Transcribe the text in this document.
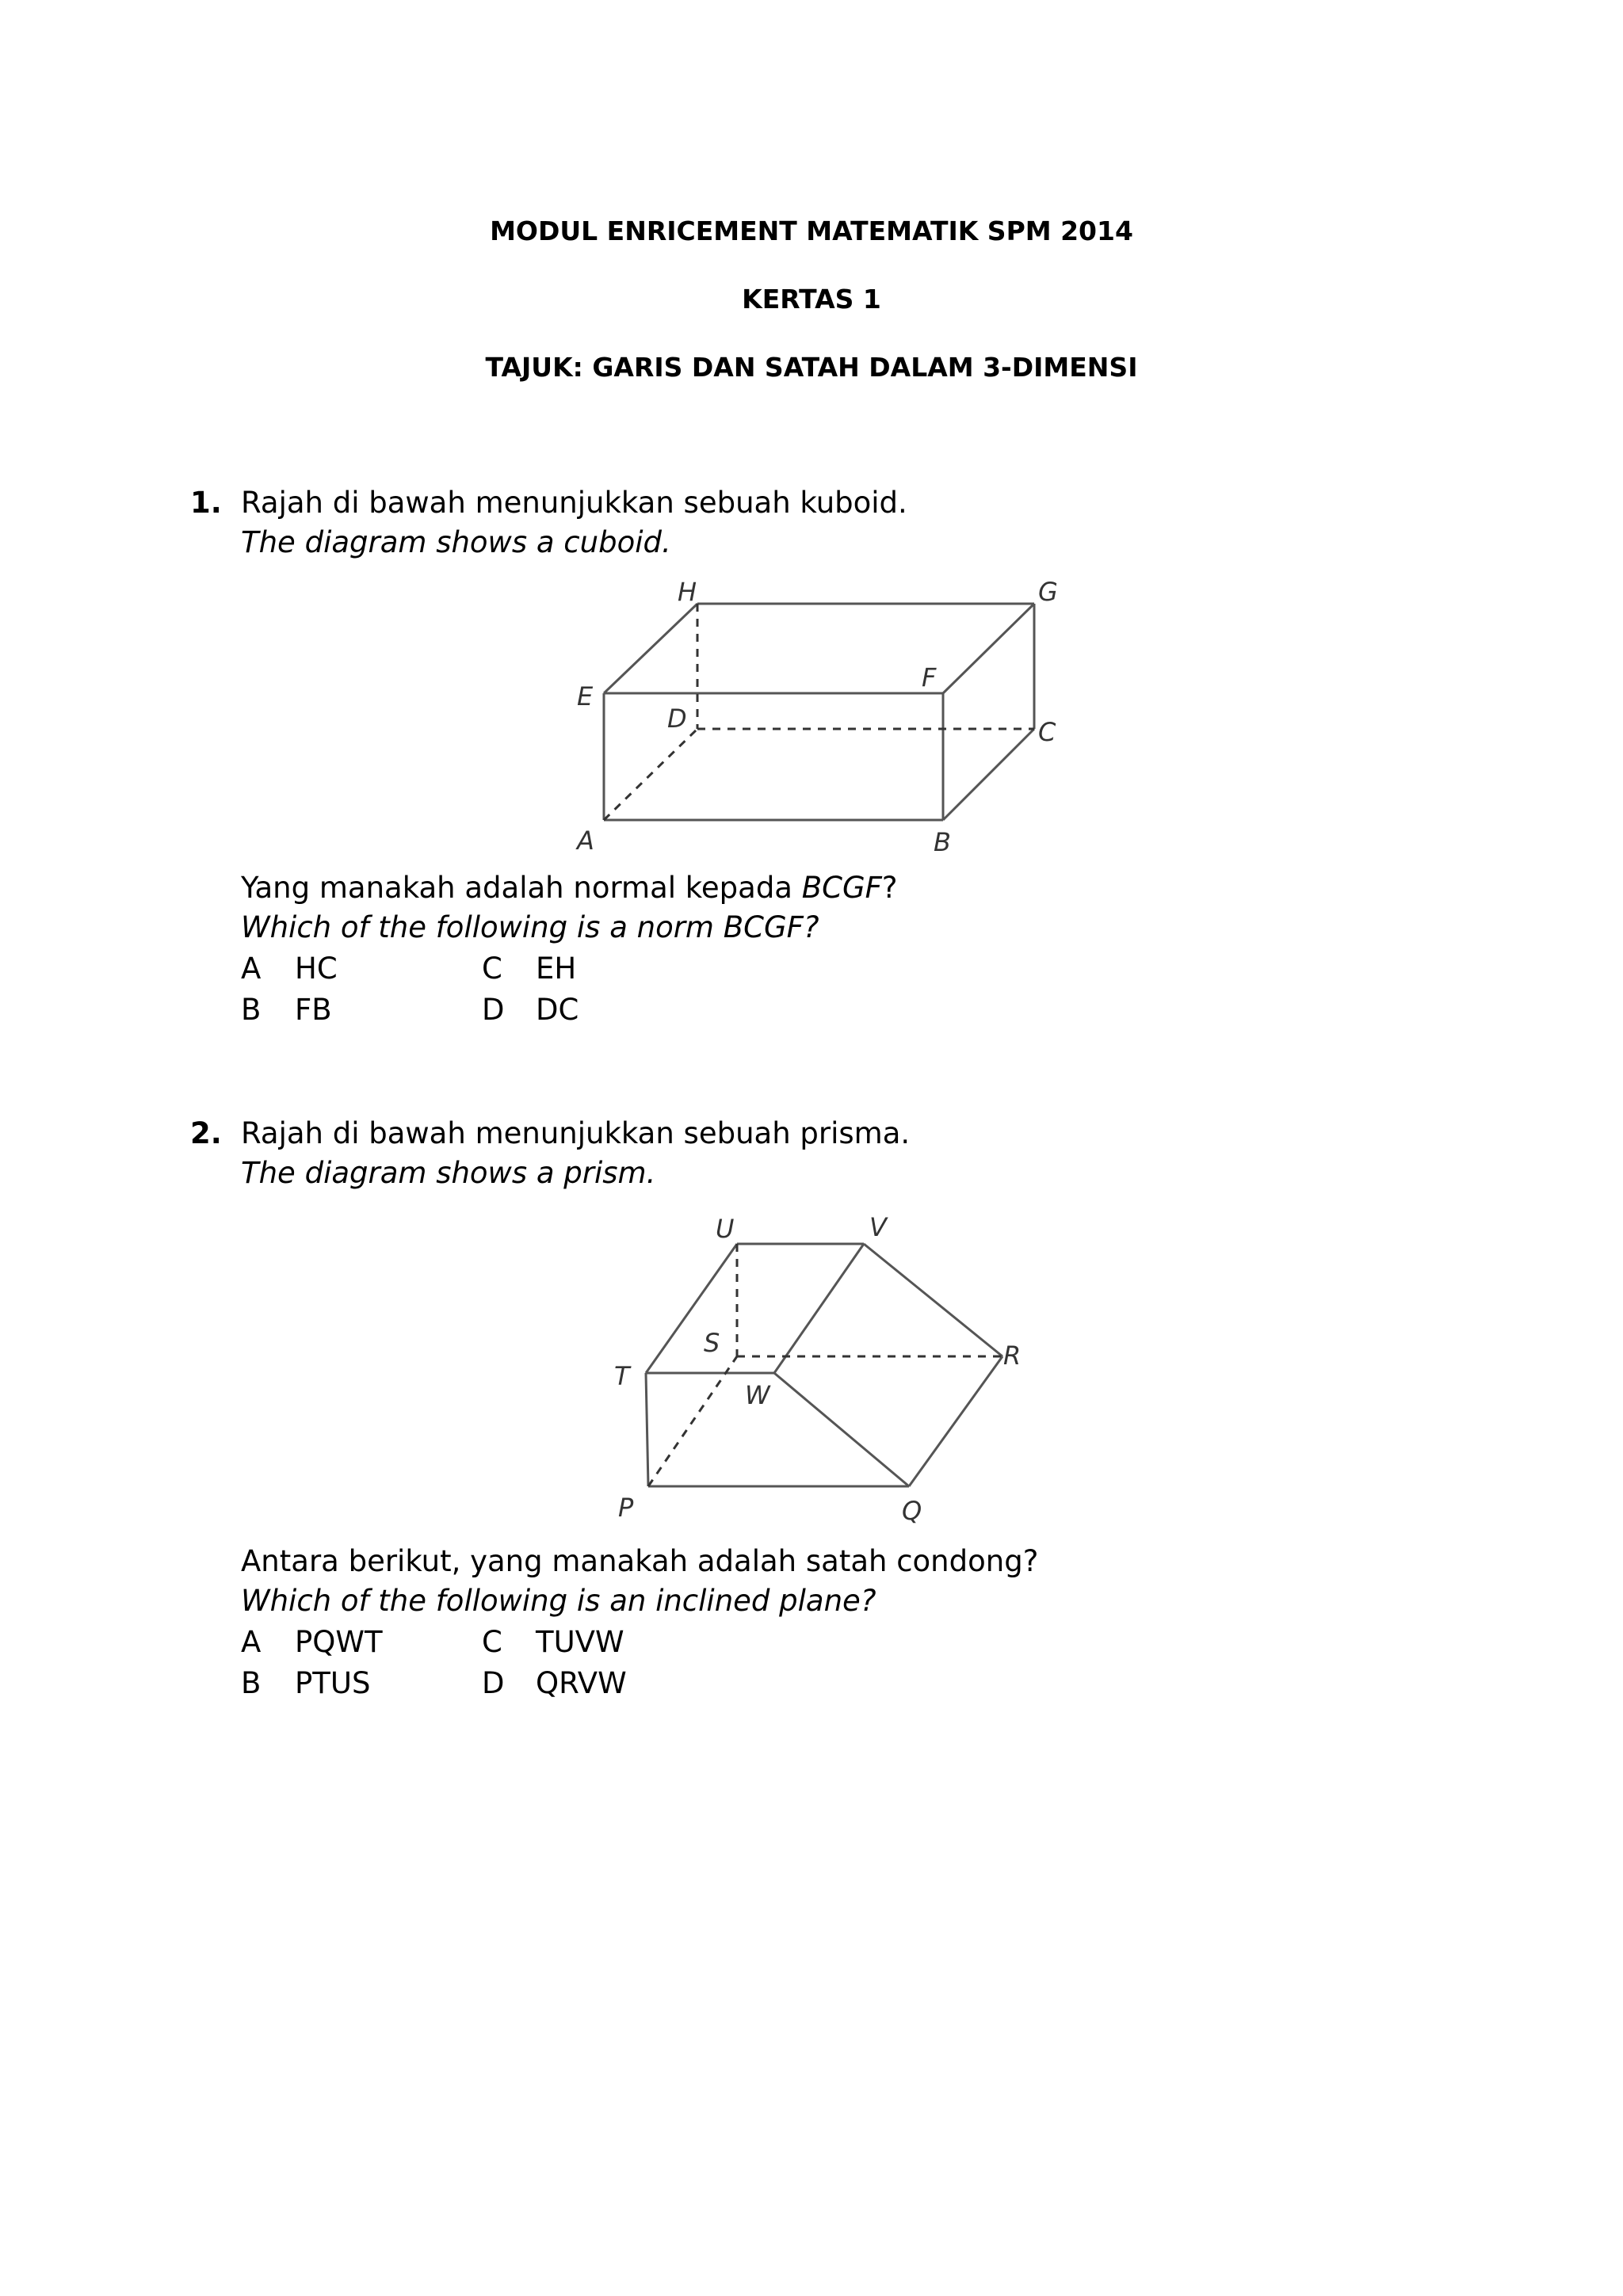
MODUL ENRICEMENT MATEMATIK SPM 2014
KERTAS 1
TAJUK: GARIS DAN SATAH DALAM 3-DIMENSI
1. Rajah di bawah menunjukkan sebuah kuboid.
The diagram shows a cuboid.
H	G
E
F
D	C
A	B
Yang manakah adalah normal kepada BCGF?
Which of the following is a norm BCGF?
A HC
B FB
C EH
D DC
2. Rajah di bawah menunjukkan sebuah prisma.
The diagram shows a prism.
U	V
S	R
T
W
P	Q
Antara berikut, yang manakah adalah satah condong?
Which of the following is an inclined plane?
A PQWT
B PTUS
C TUVW
D QRVW
